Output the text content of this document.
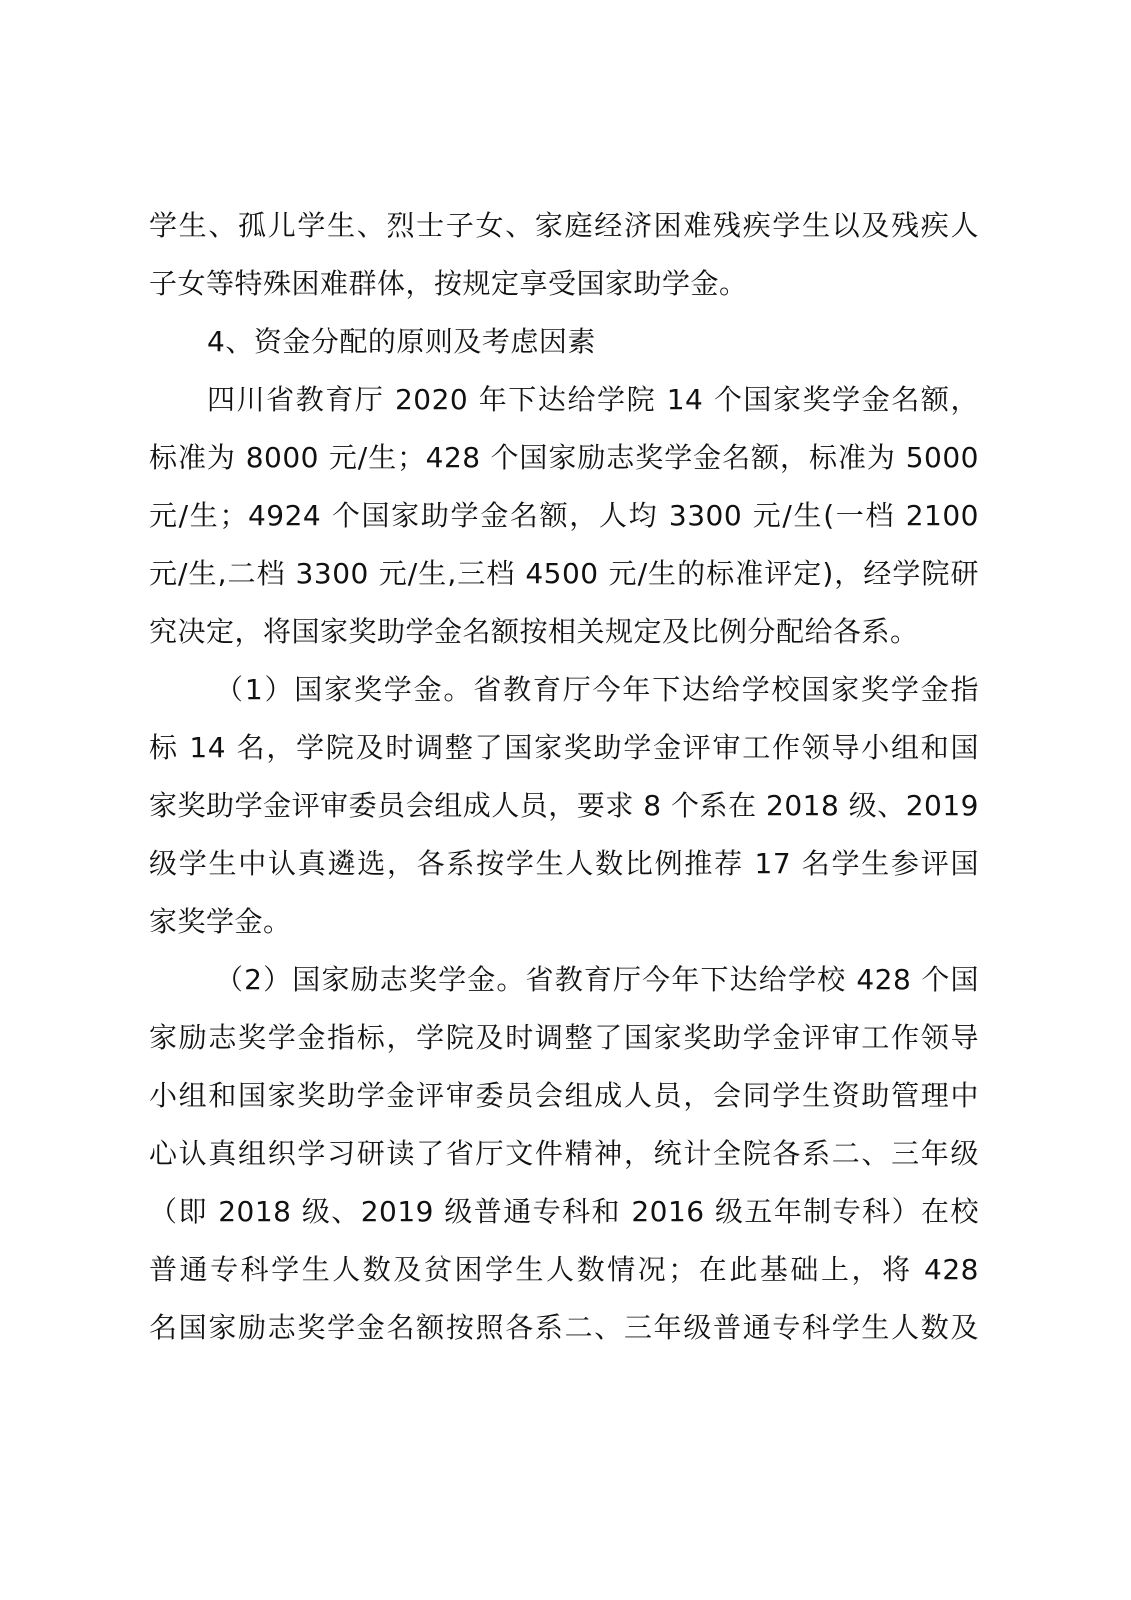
学生、孤儿学生、烈士子女、家庭经济困难残疾学生以及残疾人
子女等特殊困难群体，按规定享受国家助学金。
4、资金分配的原则及考虑因素
四川省教育厅 2020 年下达给学院 14 个国家奖学金名额，
标准为 8000 元/生；428 个国家励志奖学金名额，标准为 5000
元/生；4924 个国家助学金名额，人均 3300 元/生(一档 2100
元/生,二档 3300 元/生,三档 4500 元/生的标准评定)，经学院研
究决定，将国家奖助学金名额按相关规定及比例分配给各系。
（1）国家奖学金。省教育厅今年下达给学校国家奖学金指
标 14 名，学院及时调整了国家奖助学金评审工作领导小组和国
家奖助学金评审委员会组成人员，要求 8 个系在 2018 级、2019
级学生中认真遴选，各系按学生人数比例推荐 17 名学生参评国
家奖学金。
（2）国家励志奖学金。省教育厅今年下达给学校 428 个国
家励志奖学金指标，学院及时调整了国家奖助学金评审工作领导
小组和国家奖助学金评审委员会组成人员，会同学生资助管理中
心认真组织学习研读了省厅文件精神，统计全院各系二、三年级
（即 2018 级、2019 级普通专科和 2016 级五年制专科）在校
普通专科学生人数及贫困学生人数情况；在此基础上，将 428
名国家励志奖学金名额按照各系二、三年级普通专科学生人数及
